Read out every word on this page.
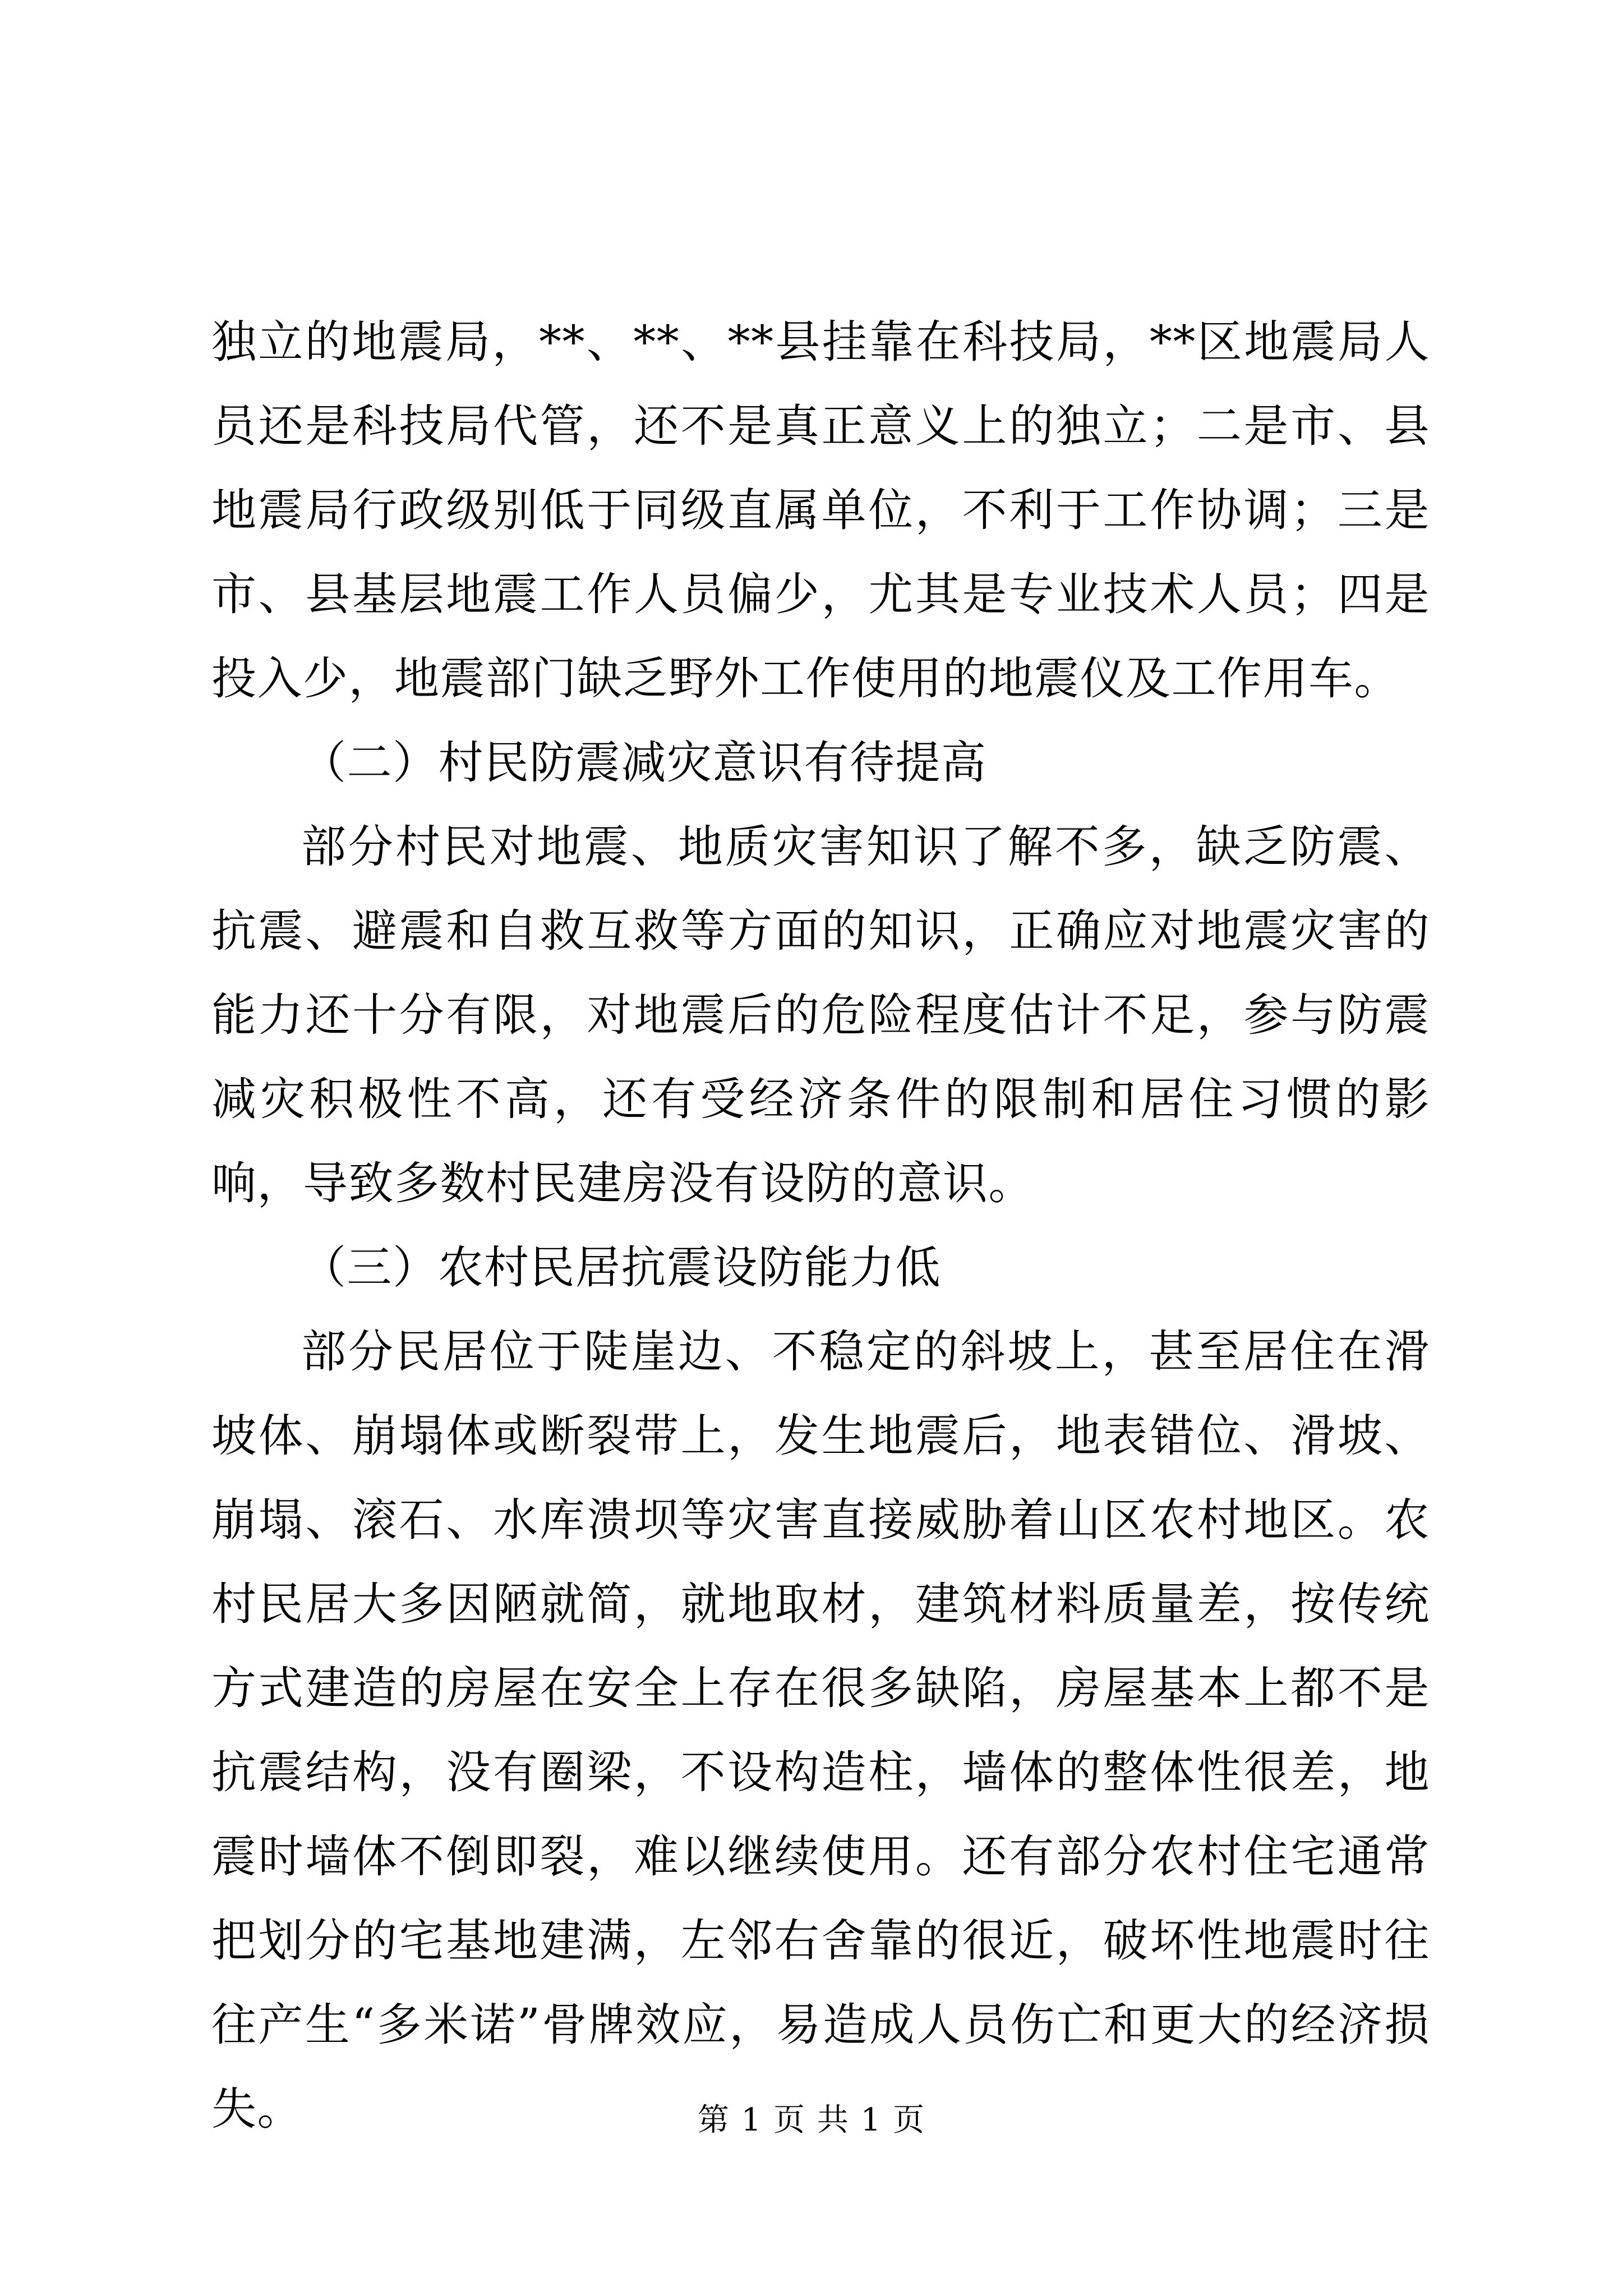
独立的地震局，**、**、**县挂靠在科技局，**区地震局人员还是科技局代管，还不是真正意义上的独立；二是市、县地震局行政级别低于同级直属单位，不利于工作协调；三是市、县基层地震工作人员偏少，尤其是专业技术人员；四是投入少，地震部门缺乏野外工作使用的地震仪及工作用车。

（二）村民防震减灾意识有待提高

部分村民对地震、地质灾害知识了解不多，缺乏防震、抗震、避震和自救互救等方面的知识，正确应对地震灾害的能力还十分有限，对地震后的危险程度估计不足，参与防震减灾积极性不高，还有受经济条件的限制和居住习惯的影响，导致多数村民建房没有设防的意识。

（三）农村民居抗震设防能力低

部分民居位于陡崖边、不稳定的斜坡上，甚至居住在滑坡体、崩塌体或断裂带上，发生地震后，地表错位、滑坡、崩塌、滚石、水库溃坝等灾害直接威胁着山区农村地区。农村民居大多因陋就简，就地取材，建筑材料质量差，按传统方式建造的房屋在安全上存在很多缺陷，房屋基本上都不是抗震结构，没有圈梁，不设构造柱，墙体的整体性很差，地震时墙体不倒即裂，难以继续使用。还有部分农村住宅通常把划分的宅基地建满，左邻右舍靠的很近，破坏性地震时往往产生“多米诺”骨牌效应，易造成人员伤亡和更大的经济损失。	第 1 页 共 1 页
